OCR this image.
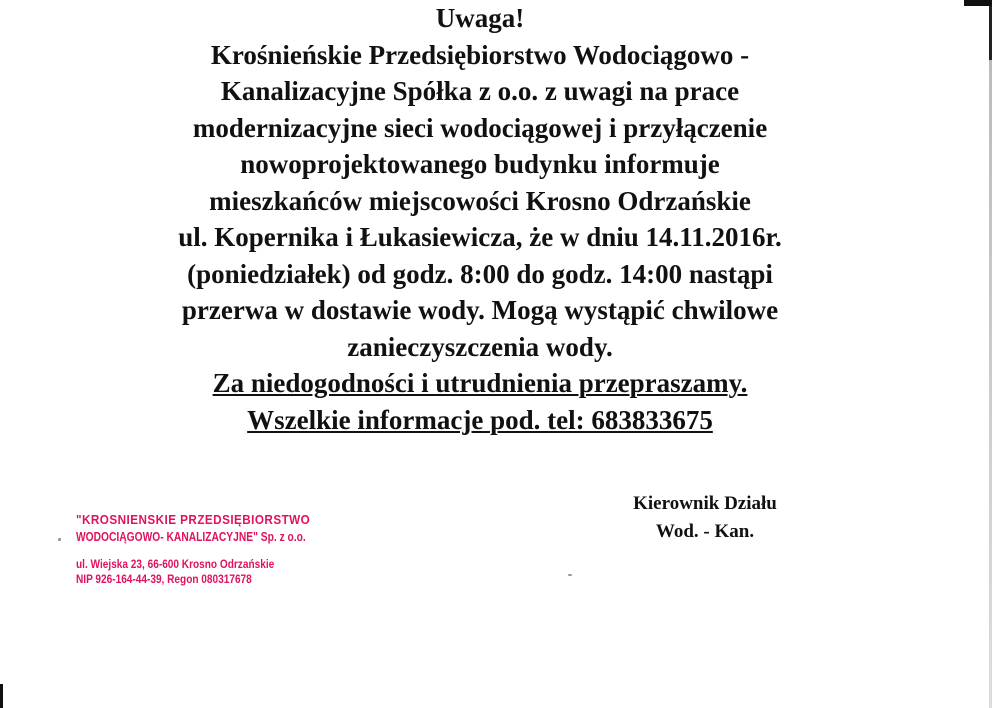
Uwaga!
Krośnieńskie Przedsiębiorstwo Wodociągowo -
Kanalizacyjne Spółka z o.o. z uwagi na prace
modernizacyjne sieci wodociągowej i przyłączenie
nowoprojektowanego budynku informuje
mieszkańców miejscowości Krosno Odrzańskie
ul. Kopernika i Łukasiewicza, że w dniu 14.11.2016r.
(poniedziałek) od godz. 8:00 do godz. 14:00 nastąpi
przerwa w dostawie wody. Mogą wystąpić chwilowe
zanieczyszczenia wody.
Za niedogodności i utrudnienia przepraszamy.
Wszelkie informacje pod. tel: 683833675
Kierownik Działu
Wod. - Kan.
"KROSNIENSKIE PRZEDSIĘBIORSTWO
WODOCIĄGOWO- KANALIZACYJNE" Sp. z o.o.
ul. Wiejska 23, 66-600 Krosno Odrzańskie
NIP 926-164-44-39, Regon 080317678
